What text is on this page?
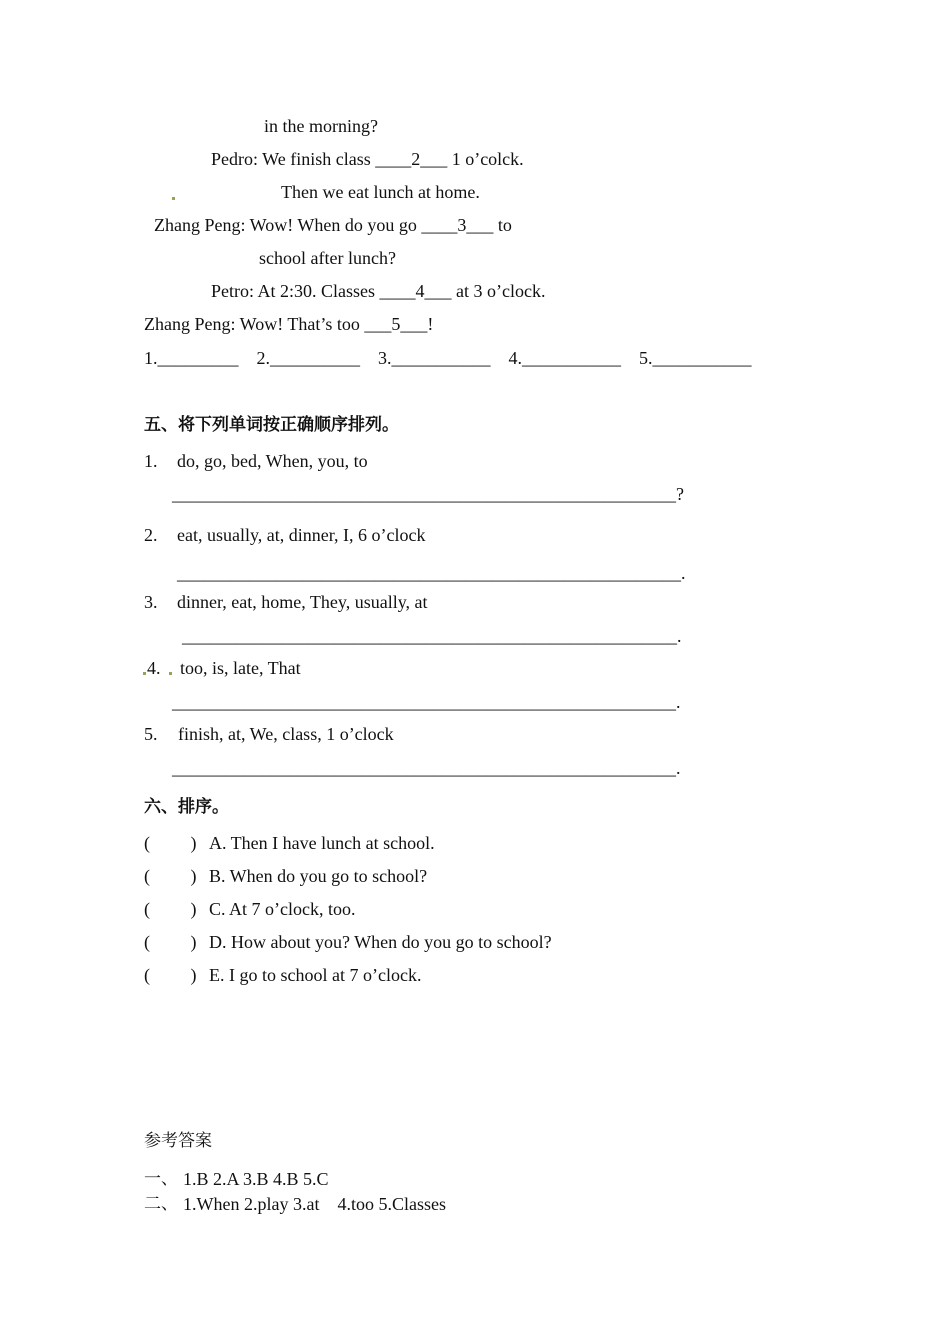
in the morning?
Pedro: We finish class ____2___ 1 o’colck.
Then we eat lunch at home.
Zhang Peng: Wow! When do you go ____3___ to
school after lunch?
Petro: At 2:30. Classes ____4___ at 3 o’clock.
Zhang Peng: Wow! That’s too ___5___!
1._________    2.__________    3.___________    4.___________    5.___________
五、将下列单词按正确顺序排列。
1. do, go, bed, When, you, to
________________________________________________________?
2. eat, usually, at, dinner, I, 6 o’clock
________________________________________________________.
3. dinner, eat, home, They, usually, at
_______________________________________________________.
4. too, is, late, That
________________________________________________________.
5. finish, at, We, class, 1 o’clock
________________________________________________________.
六、排序。
(         ) A. Then I have lunch at school.
(         ) B. When do you go to school?
(         ) C. At 7 o’clock, too.
(         ) D. How about you? When do you go to school?
(         ) E. I go to school at 7 o’clock.
参考答案
一、 1.B 2.A 3.B 4.B 5.C
二、 1.When 2.play 3.at    4.too 5.Classes
